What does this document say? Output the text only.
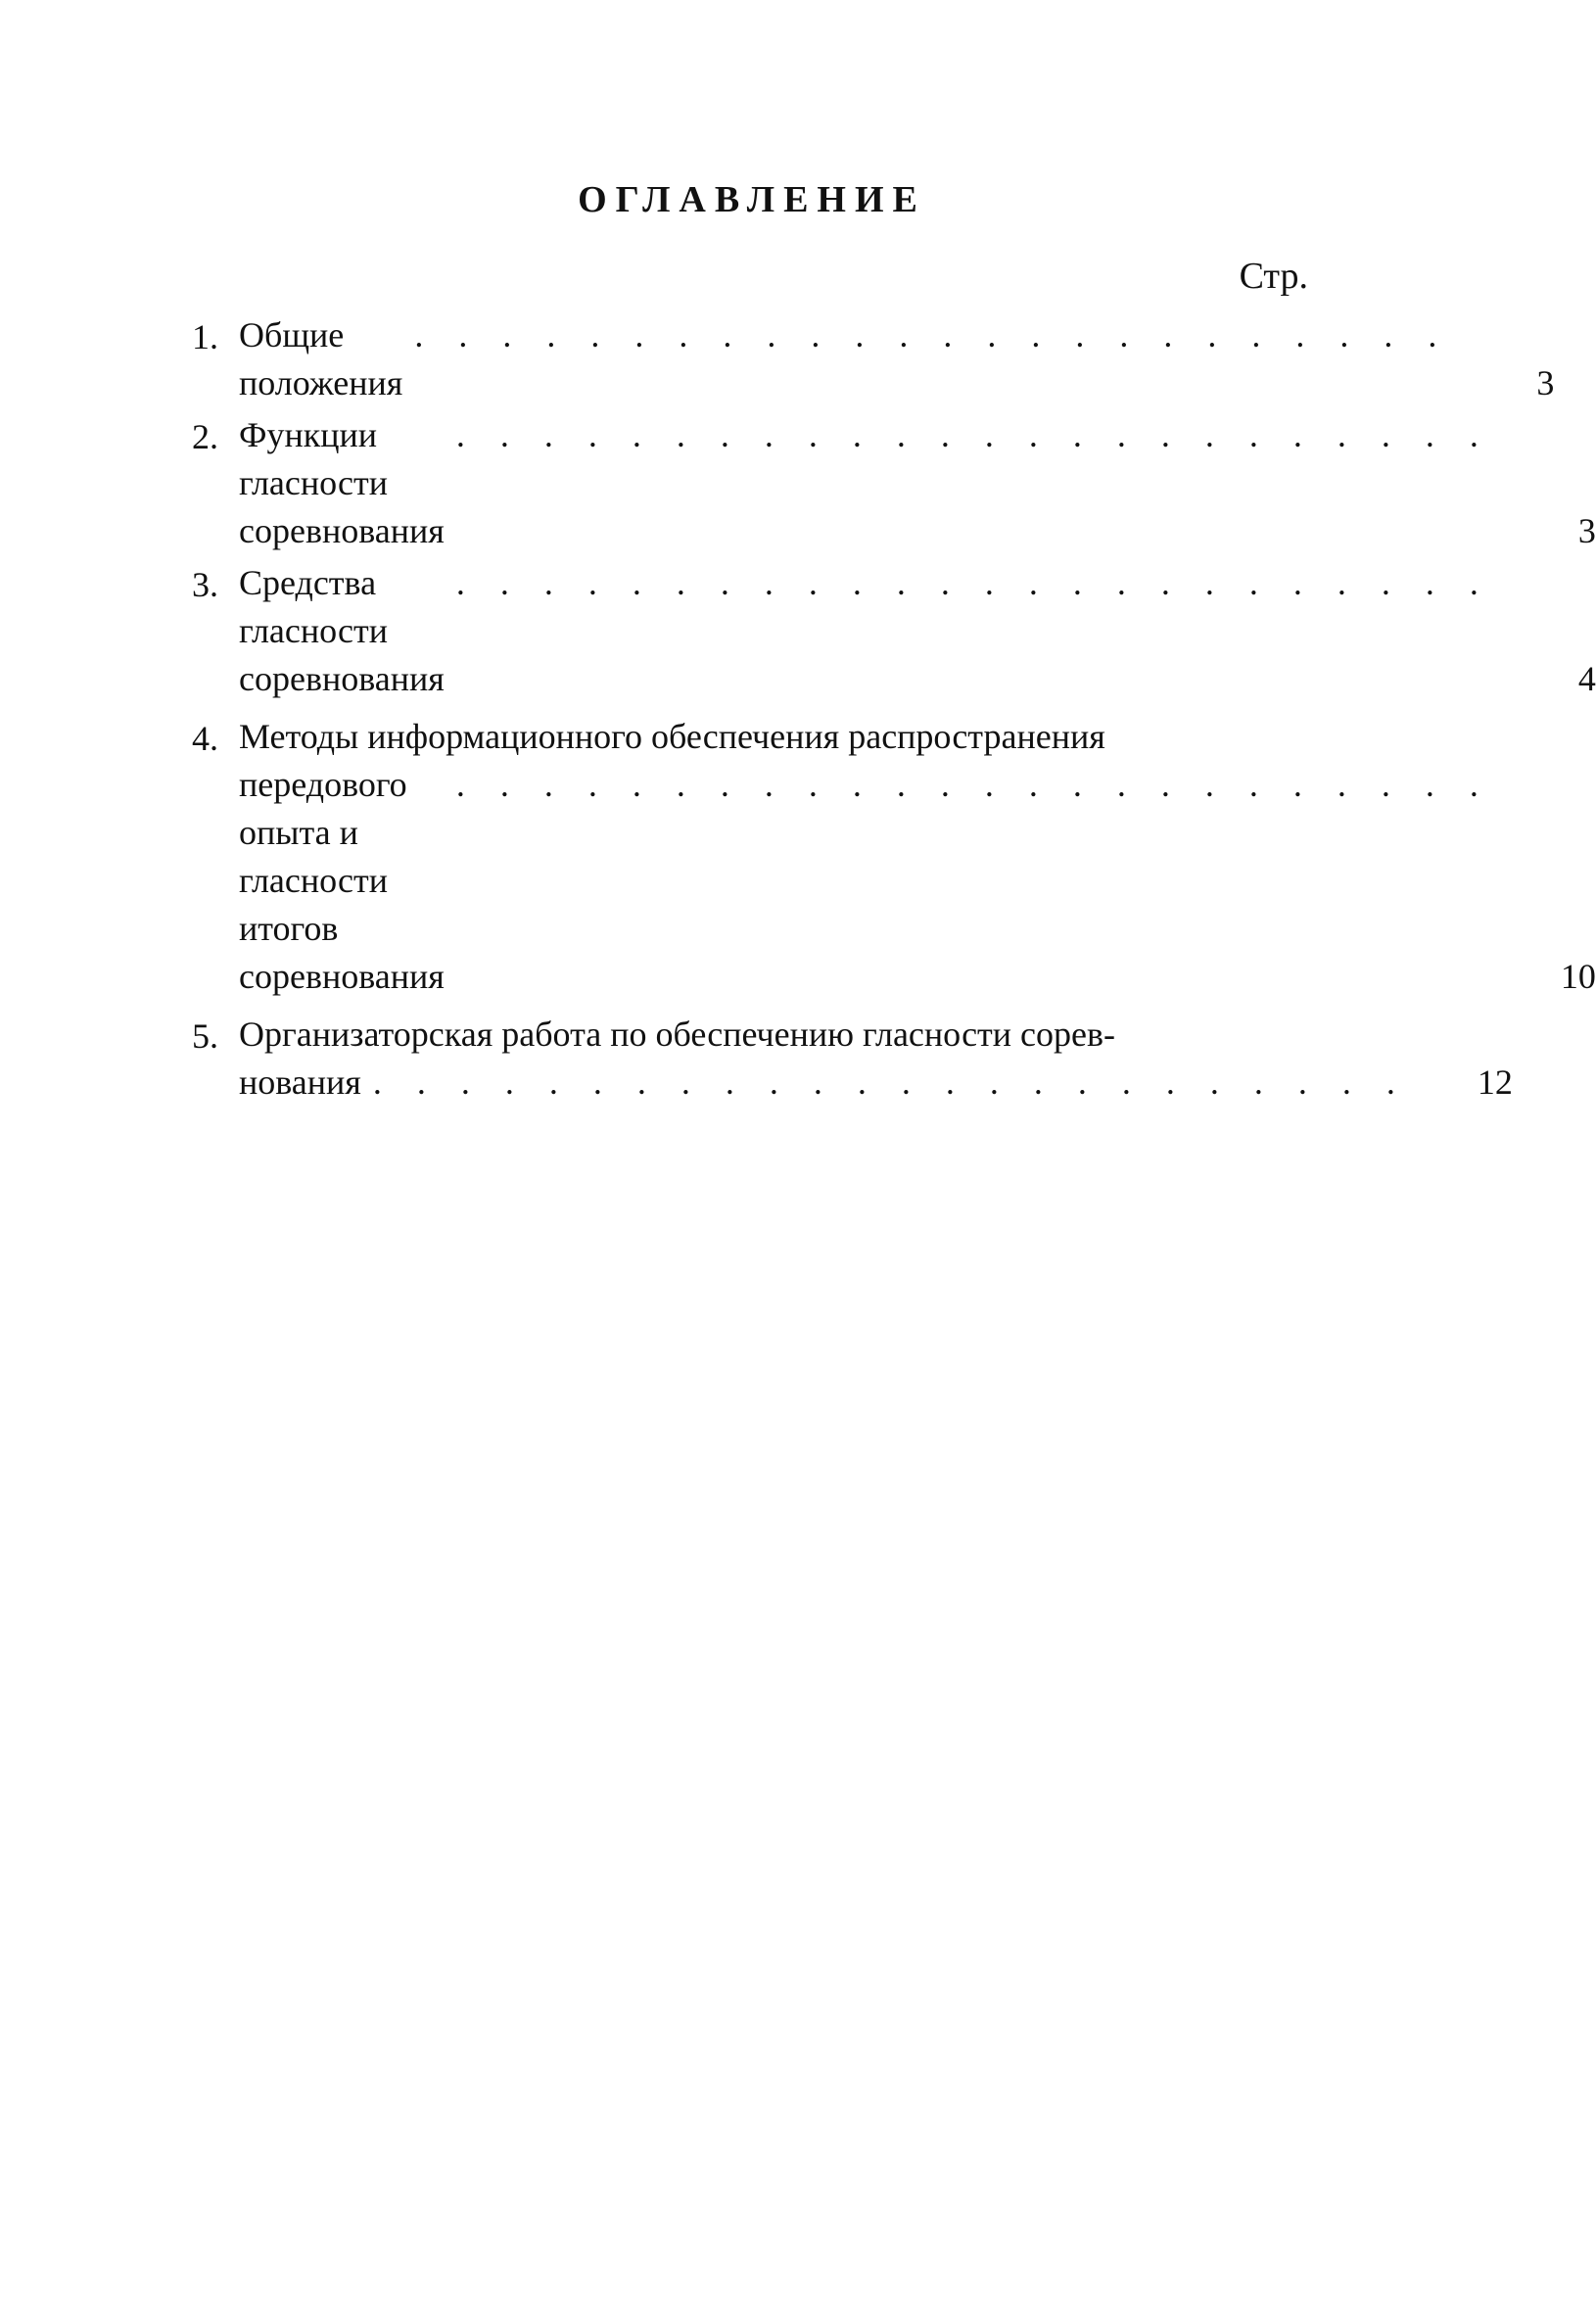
ОГЛАВЛЕНИЕ
Стр.
1. Общие положения
.	3
2. Функции гласности соревнования
.	3
3. Средства гласности соревнования
.	4
4. Методы информационного обеспечения распространения
передового опыта и гласности итогов соревнования
.	10
5. Организаторская работа по обеспечению гласности сорев-
нования .	12
